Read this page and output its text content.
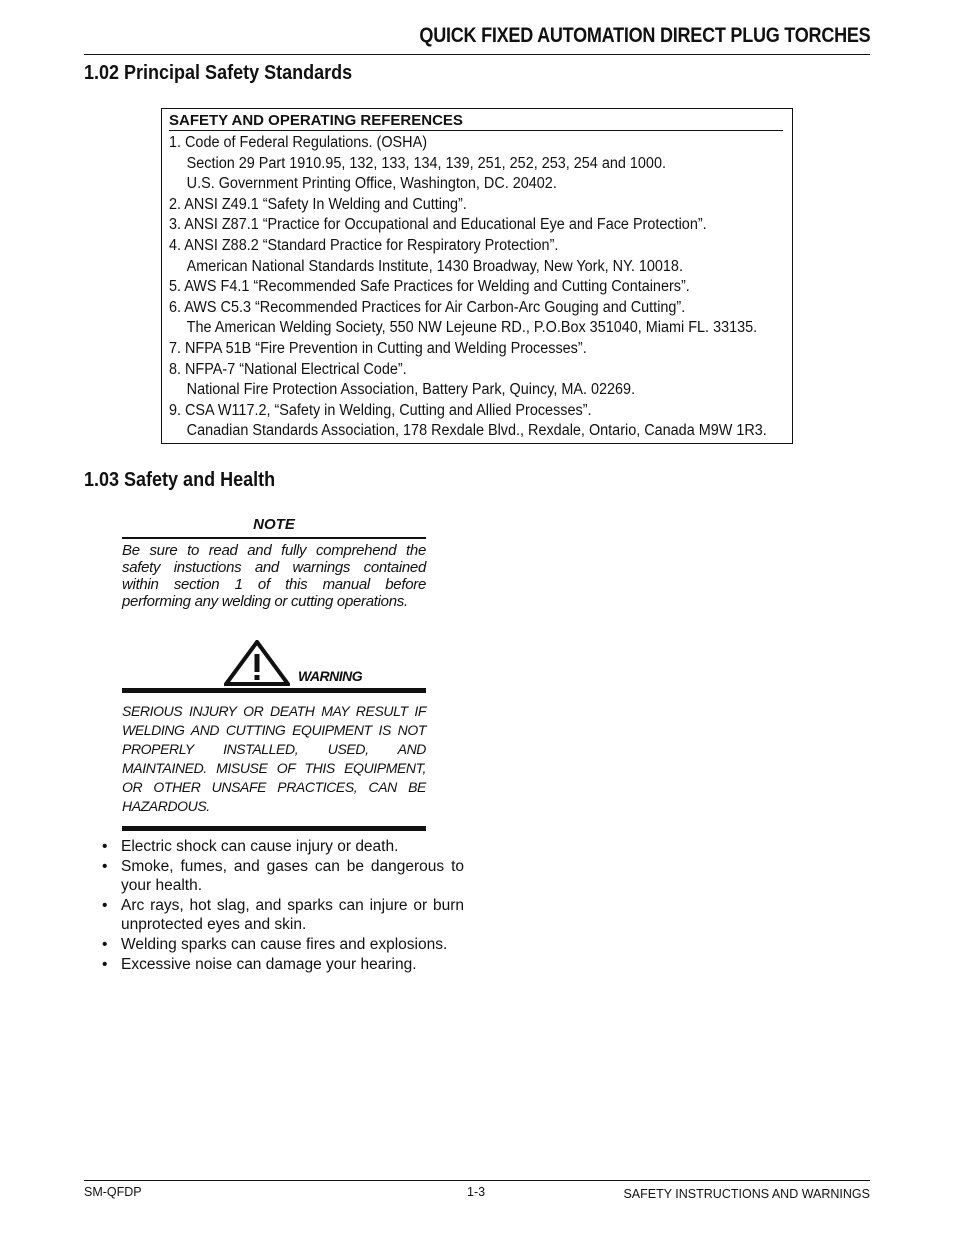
QUICK FIXED AUTOMATION DIRECT PLUG TORCHES
1.02 Principal Safety Standards
SAFETY AND OPERATING REFERENCES
1. Code of Federal Regulations. (OSHA)
Section 29 Part 1910.95, 132, 133, 134, 139, 251, 252, 253, 254 and 1000.
U.S. Government Printing Office, Washington, DC. 20402.
2. ANSI Z49.1 “Safety In Welding and Cutting”.
3. ANSI Z87.1 “Practice for Occupational and Educational Eye and Face Protection”.
4. ANSI Z88.2 “Standard Practice for Respiratory Protection”.
American National Standards Institute, 1430 Broadway, New York, NY. 10018.
5. AWS F4.1 “Recommended Safe Practices for Welding and Cutting Containers”.
6. AWS C5.3 “Recommended Practices for Air Carbon-Arc Gouging and Cutting”.
The American Welding Society, 550 NW Lejeune RD., P.O.Box 351040, Miami FL. 33135.
7. NFPA 51B “Fire Prevention in Cutting and Welding Processes”.
8. NFPA-7 “National Electrical Code”.
National Fire Protection Association, Battery Park, Quincy, MA. 02269.
9. CSA W117.2, “Safety in Welding, Cutting and Allied Processes”.
Canadian Standards Association, 178 Rexdale Blvd., Rexdale, Ontario, Canada M9W 1R3.
1.03 Safety and Health
NOTE
Be sure to read and fully comprehend the safety instuctions and warnings contained within section 1 of this manual before performing any welding or cutting operations.
WARNING
SERIOUS INJURY OR DEATH MAY RESULT IF WELDING AND CUTTING EQUIPMENT IS NOT PROPERLY INSTALLED, USED, AND MAINTAINED. MISUSE OF THIS EQUIPMENT, OR OTHER UNSAFE PRACTICES, CAN BE HAZARDOUS.
• Electric shock can cause injury or death.
• Smoke, fumes, and gases can be dangerous to your health.
• Arc rays, hot slag, and sparks can injure or burn unprotected eyes and skin.
• Welding sparks can cause fires and explosions.
• Excessive noise can damage your hearing.
SM-QFDP	1-3	SAFETY INSTRUCTIONS AND WARNINGS
